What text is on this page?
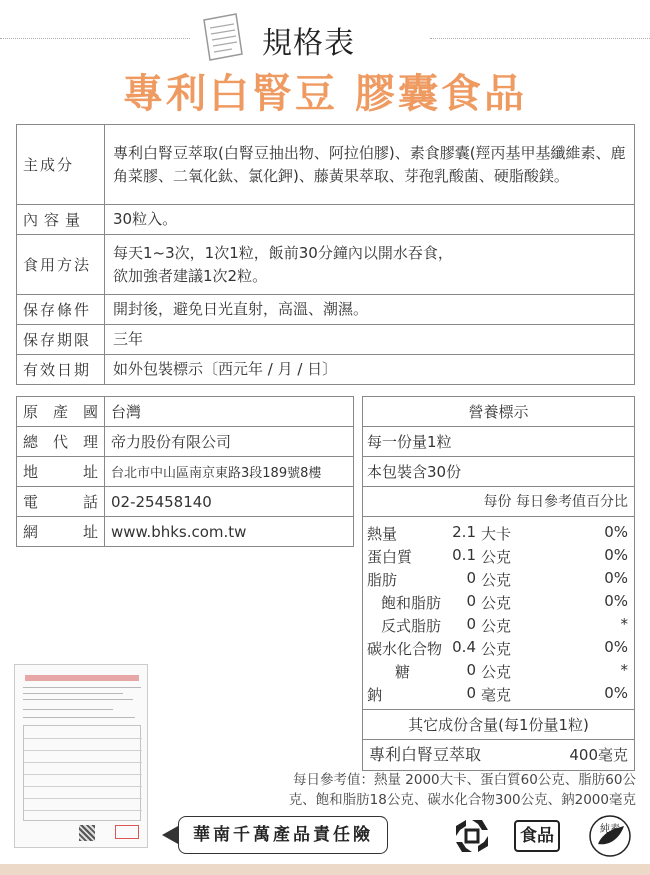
規格表
專利白腎豆 膠囊食品
主成分	專利白腎豆萃取(白腎豆抽出物、阿拉伯膠)、素食膠囊(羥丙基甲基纖維素、鹿角菜膠、二氧化鈦、氯化鉀)、藤黃果萃取、芽孢乳酸菌、硬脂酸鎂。
內容量	30粒入。
食用方法	每天1~3次，1次1粒，飯前30分鐘內以開水吞食，
欲加強者建議1次2粒。

保存條件	開封後，避免日光直射，高溫、潮濕。
保存期限	三年
有效日期	如外包裝標示〔西元年 / 月 / 日〕
原 產 國	台灣

總 代 理	帝力股份有限公司

地 址	台北市中山區南京東路3段189號8樓

電 話	02-25458140

網 址	www.bhks.com.tw
營養標示
每一份量1粒
本包裝含30份
每份 每日參考值百分比
熱量	2.1 大卡	0%
蛋白質	0.1 公克	0%
脂肪	0 公克	0%
飽和脂肪 0 公克	0%
反式脂肪 0 公克	*
碳水化合物 0.4 公克	0%
糖	0 公克	*
鈉	0 毫克	0%
其它成份含量(每1份量1粒)
專利白腎豆萃取	400毫克
華南千萬產品責任險	食品	純素
每日參考值：熱量 2000大卡、蛋白質60公克、脂肪60公
克、飽和脂肪18公克、碳水化合物300公克、鈉2000毫克
